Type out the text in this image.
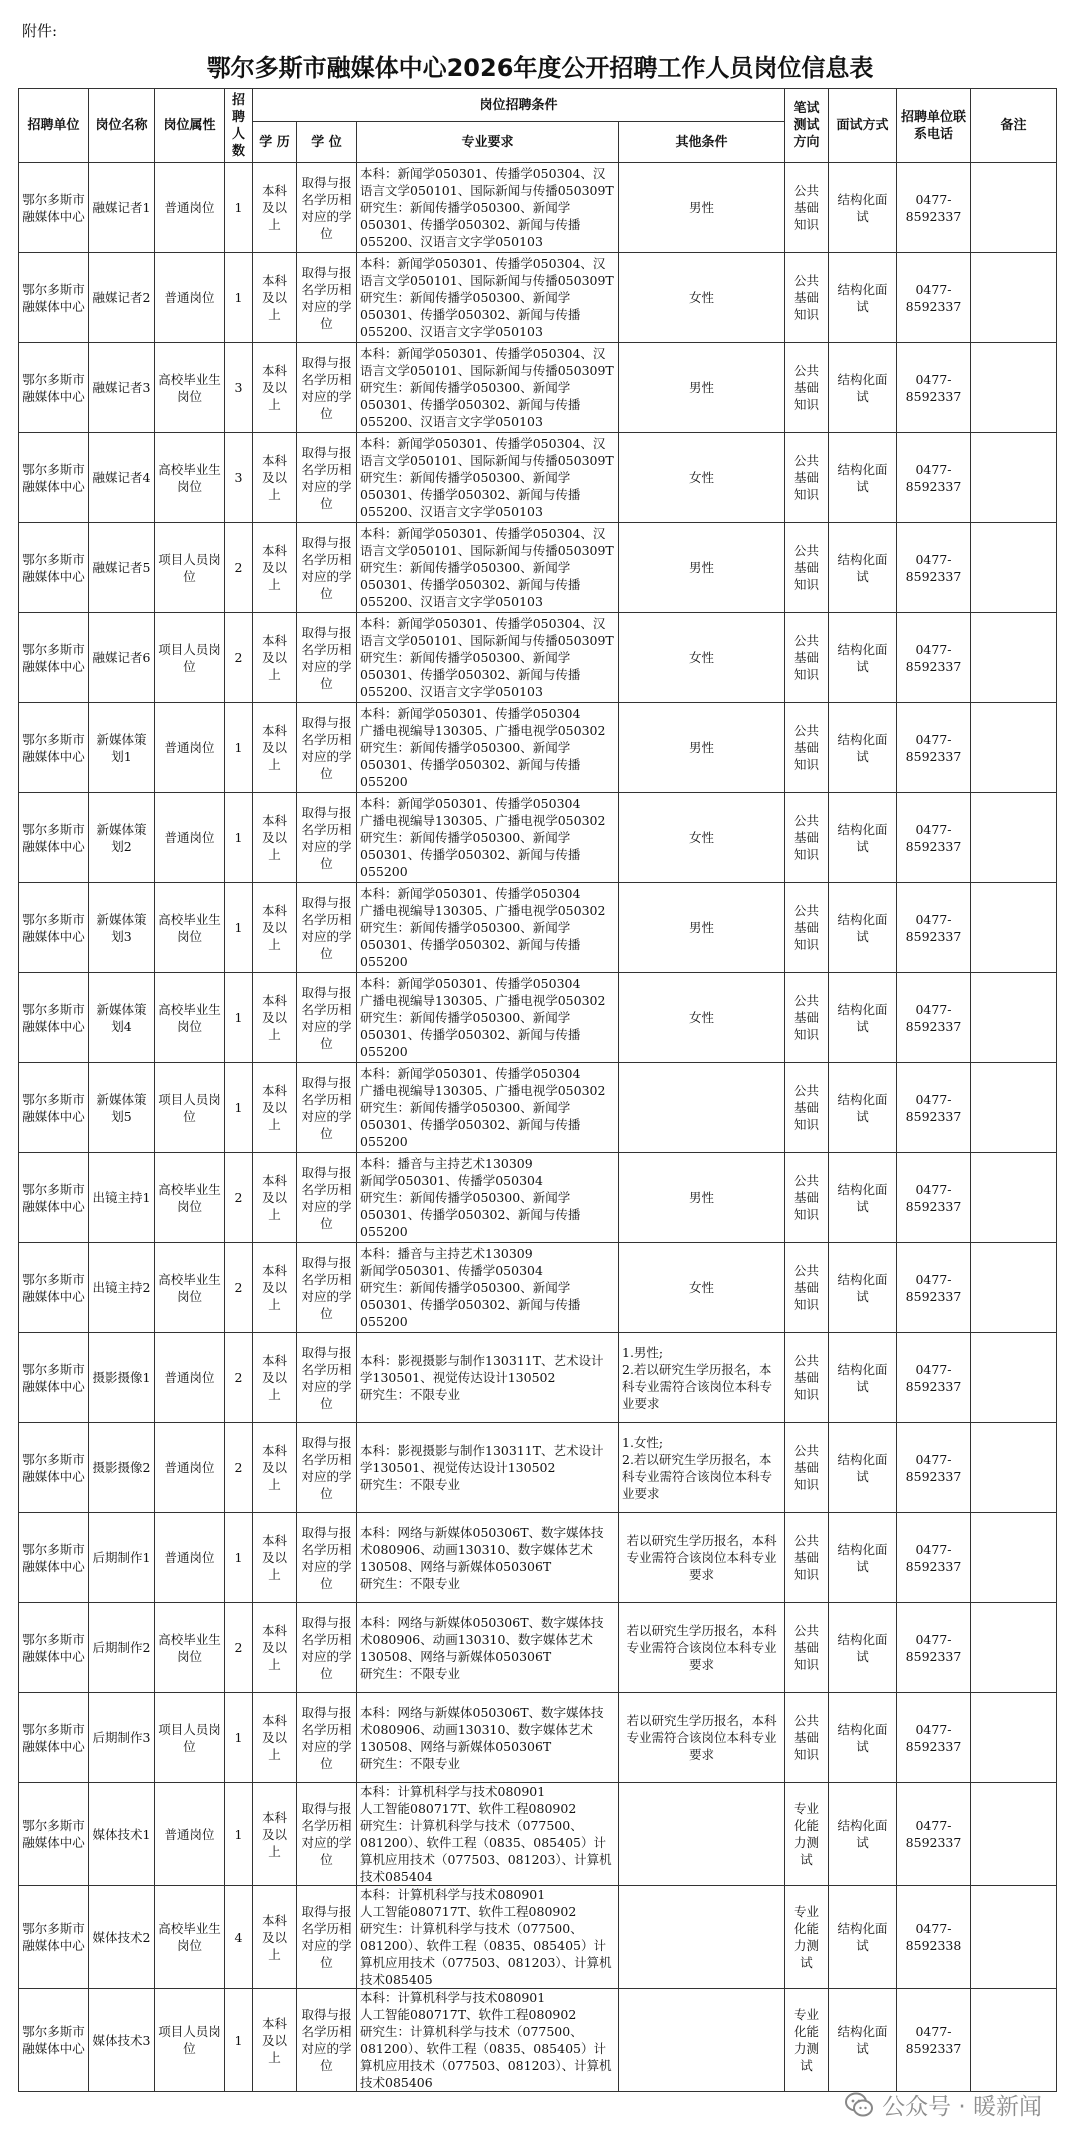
附件:
鄂尔多斯市融媒体中心2026年度公开招聘工作人员岗位信息表
招聘单位	岗位名称	岗位属性	招聘人数	岗位招聘条件				笔试测试方向	面试方式	招聘单位联系电话	备注
				学 历	学 位	专业要求	其他条件				
鄂尔多斯市融媒体中心	融媒记者1	普通岗位	1	本科及以上	取得与报名学历相对应的学位	本科：新闻学050301、传播学050304、汉语言文学050101、国际新闻与传播050309T
研究生：新闻传播学050300、新闻学050301、传播学050302、新闻与传播055200、汉语言文字学050103	男性	公共基础知识	结构化面试	0477-8592337	
鄂尔多斯市融媒体中心	融媒记者2	普通岗位	1	本科及以上	取得与报名学历相对应的学位	本科：新闻学050301、传播学050304、汉语言文学050101、国际新闻与传播050309T
研究生：新闻传播学050300、新闻学050301、传播学050302、新闻与传播055200、汉语言文字学050103	女性	公共基础知识	结构化面试	0477-8592337	
鄂尔多斯市融媒体中心	融媒记者3	高校毕业生岗位	3	本科及以上	取得与报名学历相对应的学位	本科：新闻学050301、传播学050304、汉语言文学050101、国际新闻与传播050309T
研究生：新闻传播学050300、新闻学050301、传播学050302、新闻与传播055200、汉语言文字学050103	男性	公共基础知识	结构化面试	0477-8592337	
鄂尔多斯市融媒体中心	融媒记者4	高校毕业生岗位	3	本科及以上	取得与报名学历相对应的学位	本科：新闻学050301、传播学050304、汉语言文学050101、国际新闻与传播050309T
研究生：新闻传播学050300、新闻学050301、传播学050302、新闻与传播055200、汉语言文字学050103	女性	公共基础知识	结构化面试	0477-8592337	
鄂尔多斯市融媒体中心	融媒记者5	项目人员岗位	2	本科及以上	取得与报名学历相对应的学位	本科：新闻学050301、传播学050304、汉语言文学050101、国际新闻与传播050309T
研究生：新闻传播学050300、新闻学050301、传播学050302、新闻与传播055200、汉语言文字学050103	男性	公共基础知识	结构化面试	0477-8592337	
鄂尔多斯市融媒体中心	融媒记者6	项目人员岗位	2	本科及以上	取得与报名学历相对应的学位	本科：新闻学050301、传播学050304、汉语言文学050101、国际新闻与传播050309T
研究生：新闻传播学050300、新闻学050301、传播学050302、新闻与传播055200、汉语言文字学050103	女性	公共基础知识	结构化面试	0477-8592337	
鄂尔多斯市融媒体中心	新媒体策划1	普通岗位	1	本科及以上	取得与报名学历相对应的学位	本科：新闻学050301、传播学050304
广播电视编导130305、广播电视学050302
研究生：新闻传播学050300、新闻学050301、传播学050302、新闻与传播055200	男性	公共基础知识	结构化面试	0477-8592337	
鄂尔多斯市融媒体中心	新媒体策划2	普通岗位	1	本科及以上	取得与报名学历相对应的学位	本科：新闻学050301、传播学050304
广播电视编导130305、广播电视学050302
研究生：新闻传播学050300、新闻学050301、传播学050302、新闻与传播055200	女性	公共基础知识	结构化面试	0477-8592337	
鄂尔多斯市融媒体中心	新媒体策划3	高校毕业生岗位	1	本科及以上	取得与报名学历相对应的学位	本科：新闻学050301、传播学050304
广播电视编导130305、广播电视学050302
研究生：新闻传播学050300、新闻学050301、传播学050302、新闻与传播055200	男性	公共基础知识	结构化面试	0477-8592337	
鄂尔多斯市融媒体中心	新媒体策划4	高校毕业生岗位	1	本科及以上	取得与报名学历相对应的学位	本科：新闻学050301、传播学050304
广播电视编导130305、广播电视学050302
研究生：新闻传播学050300、新闻学050301、传播学050302、新闻与传播055200	女性	公共基础知识	结构化面试	0477-8592337	
鄂尔多斯市融媒体中心	新媒体策划5	项目人员岗位	1	本科及以上	取得与报名学历相对应的学位	本科：新闻学050301、传播学050304
广播电视编导130305、广播电视学050302
研究生：新闻传播学050300、新闻学050301、传播学050302、新闻与传播055200		公共基础知识	结构化面试	0477-8592337	
鄂尔多斯市融媒体中心	出镜主持1	高校毕业生岗位	2	本科及以上	取得与报名学历相对应的学位	本科：播音与主持艺术130309
新闻学050301、传播学050304
研究生：新闻传播学050300、新闻学050301、传播学050302、新闻与传播055200	男性	公共基础知识	结构化面试	0477-8592337	
鄂尔多斯市融媒体中心	出镜主持2	高校毕业生岗位	2	本科及以上	取得与报名学历相对应的学位	本科：播音与主持艺术130309
新闻学050301、传播学050304
研究生：新闻传播学050300、新闻学050301、传播学050302、新闻与传播055200	女性	公共基础知识	结构化面试	0477-8592337	
鄂尔多斯市融媒体中心	摄影摄像1	普通岗位	2	本科及以上	取得与报名学历相对应的学位	本科：影视摄影与制作130311T、艺术设计学130501、视觉传达设计130502
研究生：不限专业	1.男性;
2.若以研究生学历报名，本科专业需符合该岗位本科专业要求	公共基础知识	结构化面试	0477-8592337	
鄂尔多斯市融媒体中心	摄影摄像2	普通岗位	2	本科及以上	取得与报名学历相对应的学位	本科：影视摄影与制作130311T、艺术设计学130501、视觉传达设计130502
研究生：不限专业	1.女性;
2.若以研究生学历报名，本科专业需符合该岗位本科专业要求	公共基础知识	结构化面试	0477-8592337	
鄂尔多斯市融媒体中心	后期制作1	普通岗位	1	本科及以上	取得与报名学历相对应的学位	本科：网络与新媒体050306T、数字媒体技术080906、动画130310、数字媒体艺术130508、网络与新媒体050306T
研究生：不限专业	若以研究生学历报名，本科专业需符合该岗位本科专业要求	公共基础知识	结构化面试	0477-8592337	
鄂尔多斯市融媒体中心	后期制作2	高校毕业生岗位	2	本科及以上	取得与报名学历相对应的学位	本科：网络与新媒体050306T、数字媒体技术080906、动画130310、数字媒体艺术130508、网络与新媒体050306T
研究生：不限专业	若以研究生学历报名，本科专业需符合该岗位本科专业要求	公共基础知识	结构化面试	0477-8592337	
鄂尔多斯市融媒体中心	后期制作3	项目人员岗位	1	本科及以上	取得与报名学历相对应的学位	本科：网络与新媒体050306T、数字媒体技术080906、动画130310、数字媒体艺术130508、网络与新媒体050306T
研究生：不限专业	若以研究生学历报名，本科专业需符合该岗位本科专业要求	公共基础知识	结构化面试	0477-8592337	
鄂尔多斯市融媒体中心	媒体技术1	普通岗位	1	本科及以上	取得与报名学历相对应的学位	本科：计算机科学与技术080901
人工智能080717T、软件工程080902
研究生：计算机科学与技术（077500、081200）、软件工程（0835、085405）计算机应用技术（077503、081203）、计算机技术085404		专业化能力测试	结构化面试	0477-8592337	
鄂尔多斯市融媒体中心	媒体技术2	高校毕业生岗位	4	本科及以上	取得与报名学历相对应的学位	本科：计算机科学与技术080901
人工智能080717T、软件工程080902
研究生：计算机科学与技术（077500、081200）、软件工程（0835、085405）计算机应用技术（077503、081203）、计算机技术085405		专业化能力测试	结构化面试	0477-8592338	
鄂尔多斯市融媒体中心	媒体技术3	项目人员岗位	1	本科及以上	取得与报名学历相对应的学位	本科：计算机科学与技术080901
人工智能080717T、软件工程080902
研究生：计算机科学与技术（077500、081200）、软件工程（0835、085405）计算机应用技术（077503、081203）、计算机技术085406		专业化能力测试	结构化面试	0477-8592337	
公众号 · 暖新闻
